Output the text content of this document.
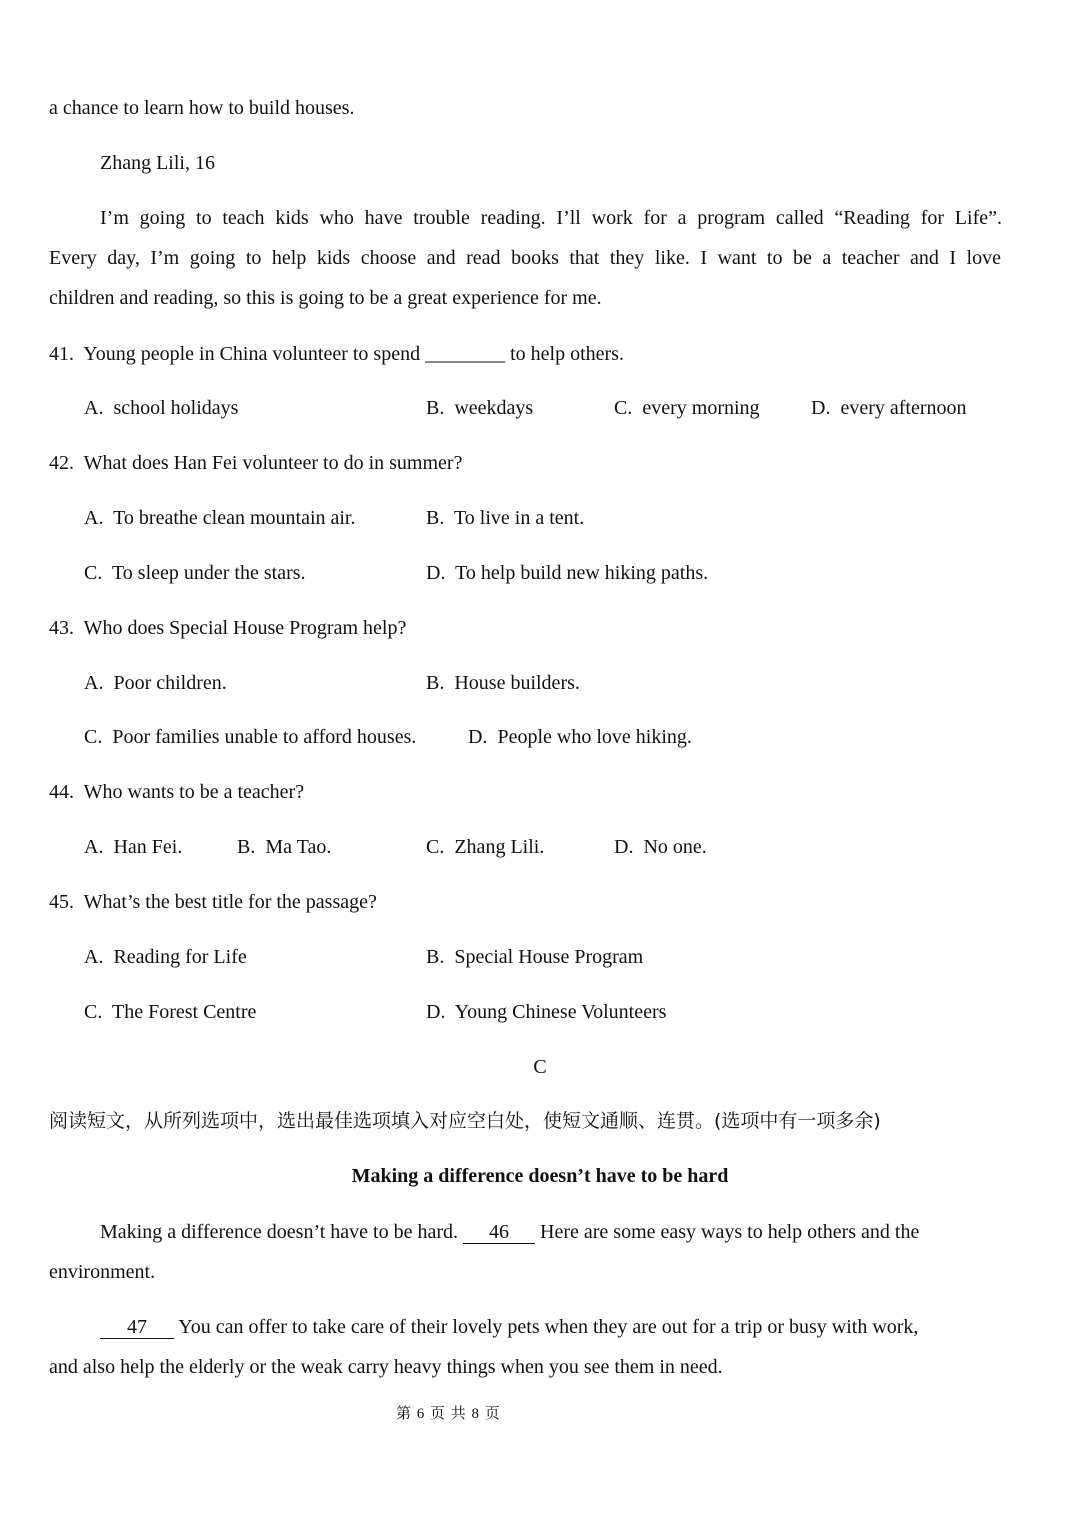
a chance to learn how to build houses.
Zhang Lili, 16
I’m going to teach kids who have trouble reading. I’ll work for a program called “Reading for Life”.
Every day, I’m going to help kids choose and read books that they like. I want to be a teacher and I love
children and reading, so this is going to be a great experience for me.
41. Young people in China volunteer to spend ________ to help others.
A. school holidays	B. weekdays	C. every morning	D. every afternoon
42. What does Han Fei volunteer to do in summer?
A. To breathe clean mountain air.	B. To live in a tent.
C. To sleep under the stars.	D. To help build new hiking paths.
43. Who does Special House Program help?
A. Poor children.	B. House builders.
C. Poor families unable to afford houses.	D. People who love hiking.
44. Who wants to be a teacher?
A. Han Fei.	B. Ma Tao.	C. Zhang Lili.	D. No one.
45. What’s the best title for the passage?
A. Reading for Life	B. Special House Program
C. The Forest Centre	D. Young Chinese Volunteers
C
阅读短文，从所列选项中，选出最佳选项填入对应空白处，使短文通顺、连贯。(选项中有一项多余)
Making a difference doesn’t have to be hard
Making a difference doesn’t have to be hard. 46 Here are some easy ways to help others and the
environment.
47 You can offer to take care of their lovely pets when they are out for a trip or busy with work,
and also help the elderly or the weak carry heavy things when you see them in need.
第 6 页 共 8 页
